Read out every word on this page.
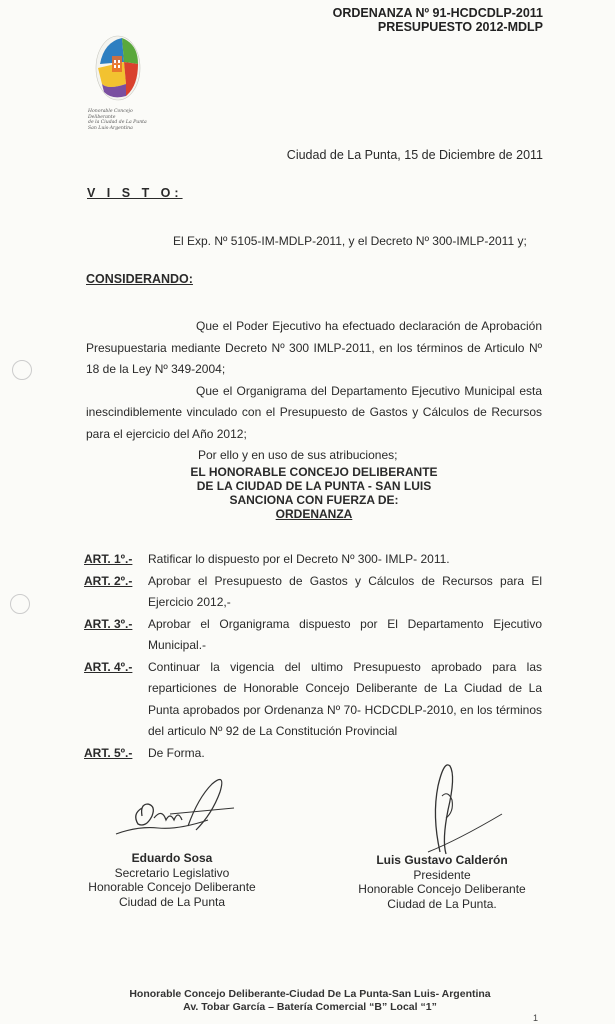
ORDENANZA Nº 91-HCDCDLP-2011
PRESUPUESTO 2012-MDLP
Honorable Concejo Deliberante
de la Ciudad de La Punta
San Luis-Argentina
Ciudad de La Punta, 15 de Diciembre de 2011
V I S T O:
El Exp. Nº 5105-IM-MDLP-2011, y el Decreto Nº 300-IMLP-2011 y;
CONSIDERANDO:

Que el Poder Ejecutivo ha efectuado declaración de Aprobación Presupuestaria mediante Decreto Nº 300 IMLP-2011, en los términos de Articulo Nº 18 de la Ley Nº 349-2004;

Que el Organigrama del Departamento Ejecutivo Municipal esta inescindiblemente vinculado con el Presupuesto de Gastos y Cálculos de Recursos para el ejercicio del Año 2012;

Por ello y en uso de sus atribuciones;

EL HONORABLE CONCEJO DELIBERANTE
DE LA CIUDAD DE LA PUNTA - SAN LUIS
SANCIONA CON FUERZA DE:
ORDENANZA
ART. 1º.-	Ratificar lo dispuesto por el Decreto Nº 300- IMLP- 2011.
ART. 2º.-	Aprobar el Presupuesto de Gastos y Cálculos de Recursos para El Ejercicio 2012,-
ART. 3º.-	Aprobar el Organigrama dispuesto por El Departamento Ejecutivo Municipal.-
ART. 4º.-	Continuar la vigencia del ultimo Presupuesto aprobado para las reparticiones de Honorable Concejo Deliberante de La Ciudad de La Punta aprobados por Ordenanza Nº 70- HCDCDLP-2010, en los términos del articulo Nº 92 de La Constitución Provincial
ART. 5º.-	De Forma.
Eduardo Sosa
Secretario Legislativo
Honorable Concejo Deliberante
Ciudad de La Punta
Luis Gustavo Calderón
Presidente
Honorable Concejo Deliberante
Ciudad de La Punta.
Honorable Concejo Deliberante-Ciudad De La Punta-San Luis- Argentina
Av. Tobar García – Batería Comercial “B” Local “1”
1
